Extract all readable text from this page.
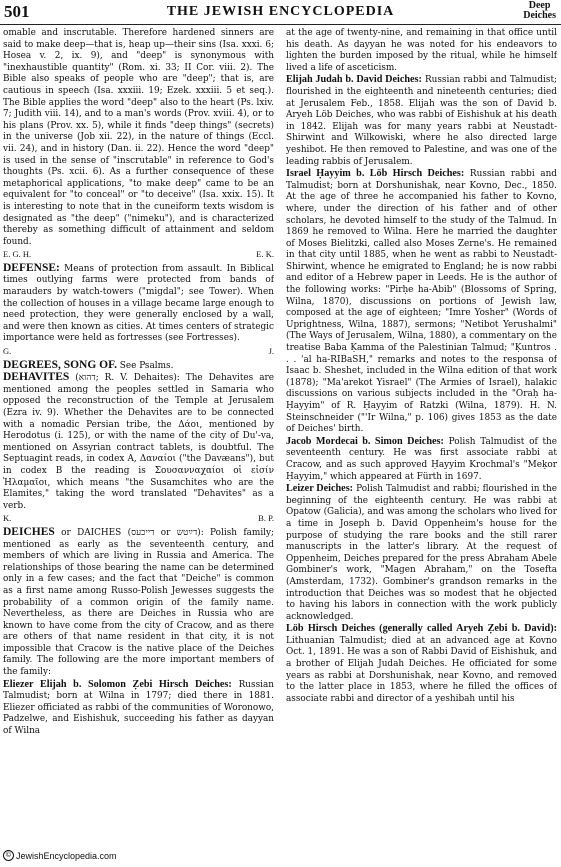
501	THE JEWISH ENCYCLOPEDIA	Deep
Deiches

omable and inscrutable. Therefore hardened sinners are said to make deep—that is, heap up—their sins (Isa. xxxi. 6; Hosea v. 2, ix. 9), and "deep" is synonymous with "inexhaustible quantity" (Rom. xi. 33; II Cor. viii. 2). The Bible also speaks of people who are "deep"; that is, are cautious in speech (Isa. xxxiii. 19; Ezek. xxxiii. 5 et seq.). The Bible applies the word "deep" also to the heart (Ps. lxiv. 7; Judith viii. 14), and to a man's words (Prov. xviii. 4), or to his plans (Prov. xx. 5), while it finds "deep things" (secrets) in the universe (Job xii. 22), in the nature of things (Eccl. vii. 24), and in history (Dan. ii. 22). Hence the word "deep" is used in the sense of "inscrutable" in reference to God's thoughts (Ps. xcii. 6). As a further consequence of these metaphorical applications, "to make deep" came to be an equivalent for "to conceal" or "to deceive" (Isa. xxix. 15). It is interesting to note that in the cuneiform texts wisdom is designated as "the deep" ("nimeku"), and is characterized thereby as something difficult of attainment and seldom found.

E. G. H.	E. K.

DEFENSE: Means of protection from assault. In Biblical times outlying farms were protected from bands of marauders by watch-towers ("migdal"; see Tower). When the collection of houses in a village became large enough to need protection, they were generally enclosed by a wall, and were then known as cities. At times centers of strategic importance were held as fortresses (see Fortresses).

G.	J.

DEGREES, SONG OF. See Psalms.

DEHAVITES (דהוא; R. V. Dehaites): The Dehavites are mentioned among the peoples settled in Samaria who opposed the reconstruction of the Temple at Jerusalem (Ezra iv. 9). Whether the Dehavites are to be connected with a nomadic Persian tribe, the Δάοι, mentioned by Herodotus (i. 125), or with the name of the city of Du'-va, mentioned on Assyrian contract tablets, is doubtful. The Septuagint reads, in codex A, Δαναίοι ("the Davæans"), but in codex B the reading is Σουσανναχαίοι οἱ εἰσίν Ἠλαμαῖοι, which means "the Susamchites who are the Elamites," taking the word translated "Dehavites" as a verb.

K.	B. P.

DEICHES or DAICHES (דייכעס or דײַטש): Polish family; mentioned as early as the seventeenth century, and members of which are living in Russia and America. The relationships of those bearing the name can be determined only in a few cases; and the fact that "Deiche" is common as a first name among Russo-Polish Jewesses suggests the probability of a common origin of the family name. Nevertheless, as there are Deiches in Russia who are known to have come from the city of Cracow, and as there are others of that name resident in that city, it is not impossible that Cracow is the native place of the Deiches family. The following are the more important members of the family:

Eliezer Elijah b. Solomon Ẓebi Hirsch Deiches: Russian Talmudist; born at Wilna in 1797; died there in 1881. Eliezer officiated as rabbi of the communities of Woronowo, Padzelwe, and Eishishuk, succeeding his father as dayyan of Wilna

at the age of twenty-nine, and remaining in that office until his death. As dayyan he was noted for his endeavors to lighten the burden imposed by the ritual, while he himself lived a life of asceticism.

Elijah Judah b. David Deiches: Russian rabbi and Talmudist; flourished in the eighteenth and nineteenth centuries; died at Jerusalem Feb., 1858. Elijah was the son of David b. Aryeh Löb Deiches, who was rabbi of Eishishuk at his death in 1842. Elijah was for many years rabbi at Neustadt-Shirwint and Wilkowiski, where he also directed large yeshibot. He then removed to Palestine, and was one of the leading rabbis of Jerusalem.

Israel Ḥayyim b. Löb Hirsch Deiches: Russian rabbi and Talmudist; born at Dorshunishak, near Kovno, Dec., 1850. At the age of three he accompanied his father to Kovno, where, under the direction of his father and of other scholars, he devoted himself to the study of the Talmud. In 1869 he removed to Wilna. Here he married the daughter of Moses Bielitzki, called also Moses Zerne's. He remained in that city until 1885, when he went as rabbi to Neustadt-Shirwint, whence he emigrated to England; he is now rabbi and editor of a Hebrew paper in Leeds. He is the author of the following works: "Pirḥe ha-Abib" (Blossoms of Spring, Wilna, 1870), discussions on portions of Jewish law, composed at the age of eighteen; "Imre Yosher" (Words of Uprightness, Wilna, 1887), sermons; "Netibot Yerushalmi" (The Ways of Jerusalem, Wilna, 1880), a commentary on the treatise Baba Ḳamma of the Palestinian Talmud; "Ḳuntros . . . 'al ha-RIBaSH," remarks and notes to the responsa of Isaac b. Sheshet, included in the Wilna edition of that work (1878); "Ma'arekot Yisrael" (The Armies of Israel), halakic discussions on various subjects included in the "Oraḥ ha-Ḥayyim" of R. Ḥayyim of Ratzki (Wilna, 1879). H. N. Steinschneider ("'Ir Wilna," p. 106) gives 1853 as the date of Deiches' birth.

Jacob Mordecai b. Simon Deiches: Polish Talmudist of the seventeenth century. He was first associate rabbi at Cracow, and as such approved Ḥayyim Krochmal's "Meḳor Ḥayyim," which appeared at Fürth in 1697.

Leizer Deiches: Polish Talmudist and rabbi; flourished in the beginning of the eighteenth century. He was rabbi at Opatow (Galicia), and was among the scholars who lived for a time in Joseph b. David Oppenheim's house for the purpose of studying the rare books and the still rarer manuscripts in the latter's library. At the request of Oppenheim, Deiches prepared for the press Abraham Abele Gombiner's work, "Magen Abraham," on the Tosefta (Amsterdam, 1732). Gombiner's grandson remarks in the introduction that Deiches was so modest that he objected to having his labors in connection with the work publicly acknowledged.

Löb Hirsch Deiches (generally called Aryeh Ẓebi b. David): Lithuanian Talmudist; died at an advanced age at Kovno Oct. 1, 1891. He was a son of Rabbi David of Eishishuk, and a brother of Elijah Judah Deiches. He officiated for some years as rabbi at Dorshunishak, near Kovno, and removed to the latter place in 1853, where he filled the offices of associate rabbi and director of a yeshibah until his

© JewishEncyclopedia.com
